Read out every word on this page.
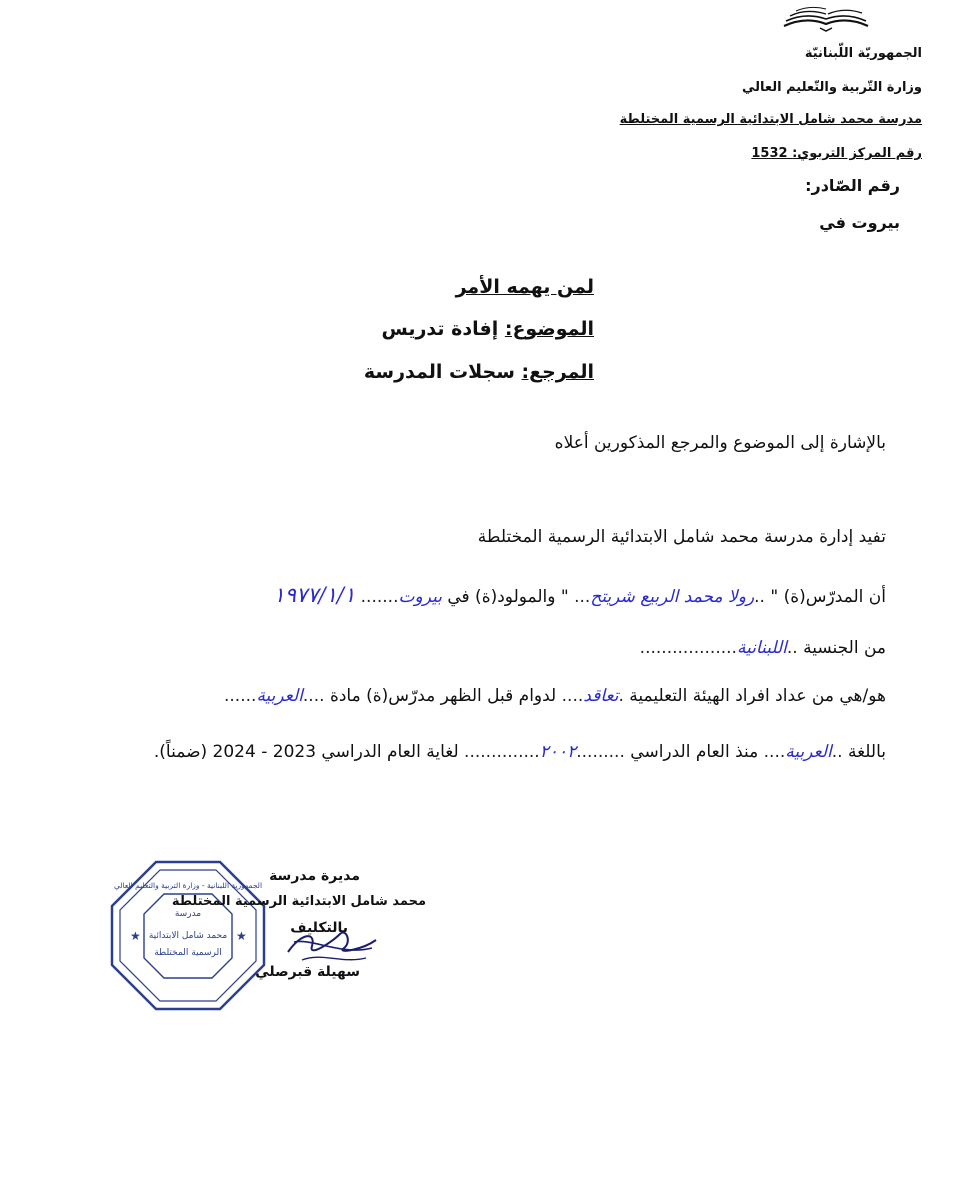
الجمهوريّة اللّبنانيّة
وزارة التّربية والتّعليم العالي
مدرسة محمد شامل الابتدائية الرسمية المختلطة
رقم المركز التربوي: 1532
رقم الصّادر:
بيروت في
لمن يهمه الأمر
الموضوع: إفادة تدريس
المرجع: سجلات المدرسة
بالإشارة إلى الموضوع والمرجع المذكورين أعلاه
تفيد إدارة مدرسة محمد شامل الابتدائية الرسمية المختلطة
أن المدرّس(ة) " ..رولا محمد الربيع شريتح... " والمولود(ة) في بيروت....... ١٩٧٧/١/١
من الجنسية ..اللبنانية..................
هو/هي من عداد افراد الهيئة التعليمية .تعاقد.... لدوام قبل الظهر مدرّس(ة) مادة ....العربية......
باللغة ..العربية.... منذ العام الدراسي .........٢٠٠٢.............. لغاية العام الدراسي 2023 - 2024 (ضمناً).
مدرسة
محمد شامل الابتدائية
الرسمية المختلطة
★	★
الجمهورية اللبنانية - وزارة التربية والتعليم العالي
مديرة مدرسة
محمد شامل الابتدائية الرسمية المختلطة
بالتكليف
سهيلة قبرصلي
